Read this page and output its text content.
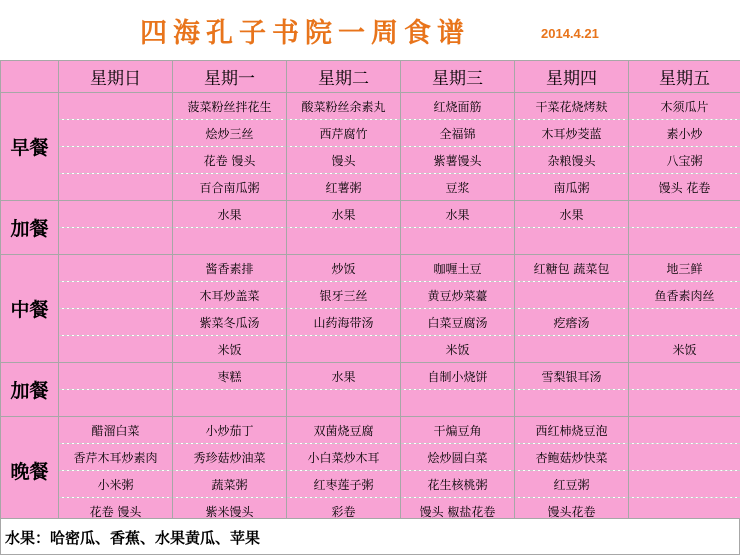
四海孔子书院一周食谱	2014.4.21
	星期日	星期一	星期二	星期三	星期四	星期五
早餐		菠菜粉丝拌花生	酸菜粉丝余素丸	红烧面筋	干菜花烧烤麸	木须瓜片
		烩炒三丝	西芹腐竹	全福锦	木耳炒茭蓝	素小炒
		花卷 馒头	馒头	紫薯馒头	杂粮馒头	八宝粥
		百合南瓜粥	红薯粥	豆浆	南瓜粥	馒头 花卷
加餐		水果	水果	水果	水果	

中餐		酱香素排	炒饭	咖喱土豆	红糖包 蔬菜包	地三鲜
		木耳炒盖菜	银牙三丝	黄豆炒菜薹		鱼香素肉丝
		紫菜冬瓜汤	山药海带汤	白菜豆腐汤	疙瘩汤	
		米饭		米饭		米饭
加餐		枣糕	水果	自制小烧饼	雪梨银耳汤	

晚餐	醋溜白菜	小炒茄丁	双菌烧豆腐	干煸豆角	西红柿烧豆泡	
	香芹木耳炒素肉	秀珍菇炒油菜	小白菜炒木耳	烩炒圆白菜	杏鲍菇炒快菜	
	小米粥	蔬菜粥	红枣莲子粥	花生核桃粥	红豆粥	
	花卷 馒头	紫米馒头	彩卷	馒头 椒盐花卷	馒头花卷	
水果：哈密瓜、香蕉、水果黄瓜、苹果
